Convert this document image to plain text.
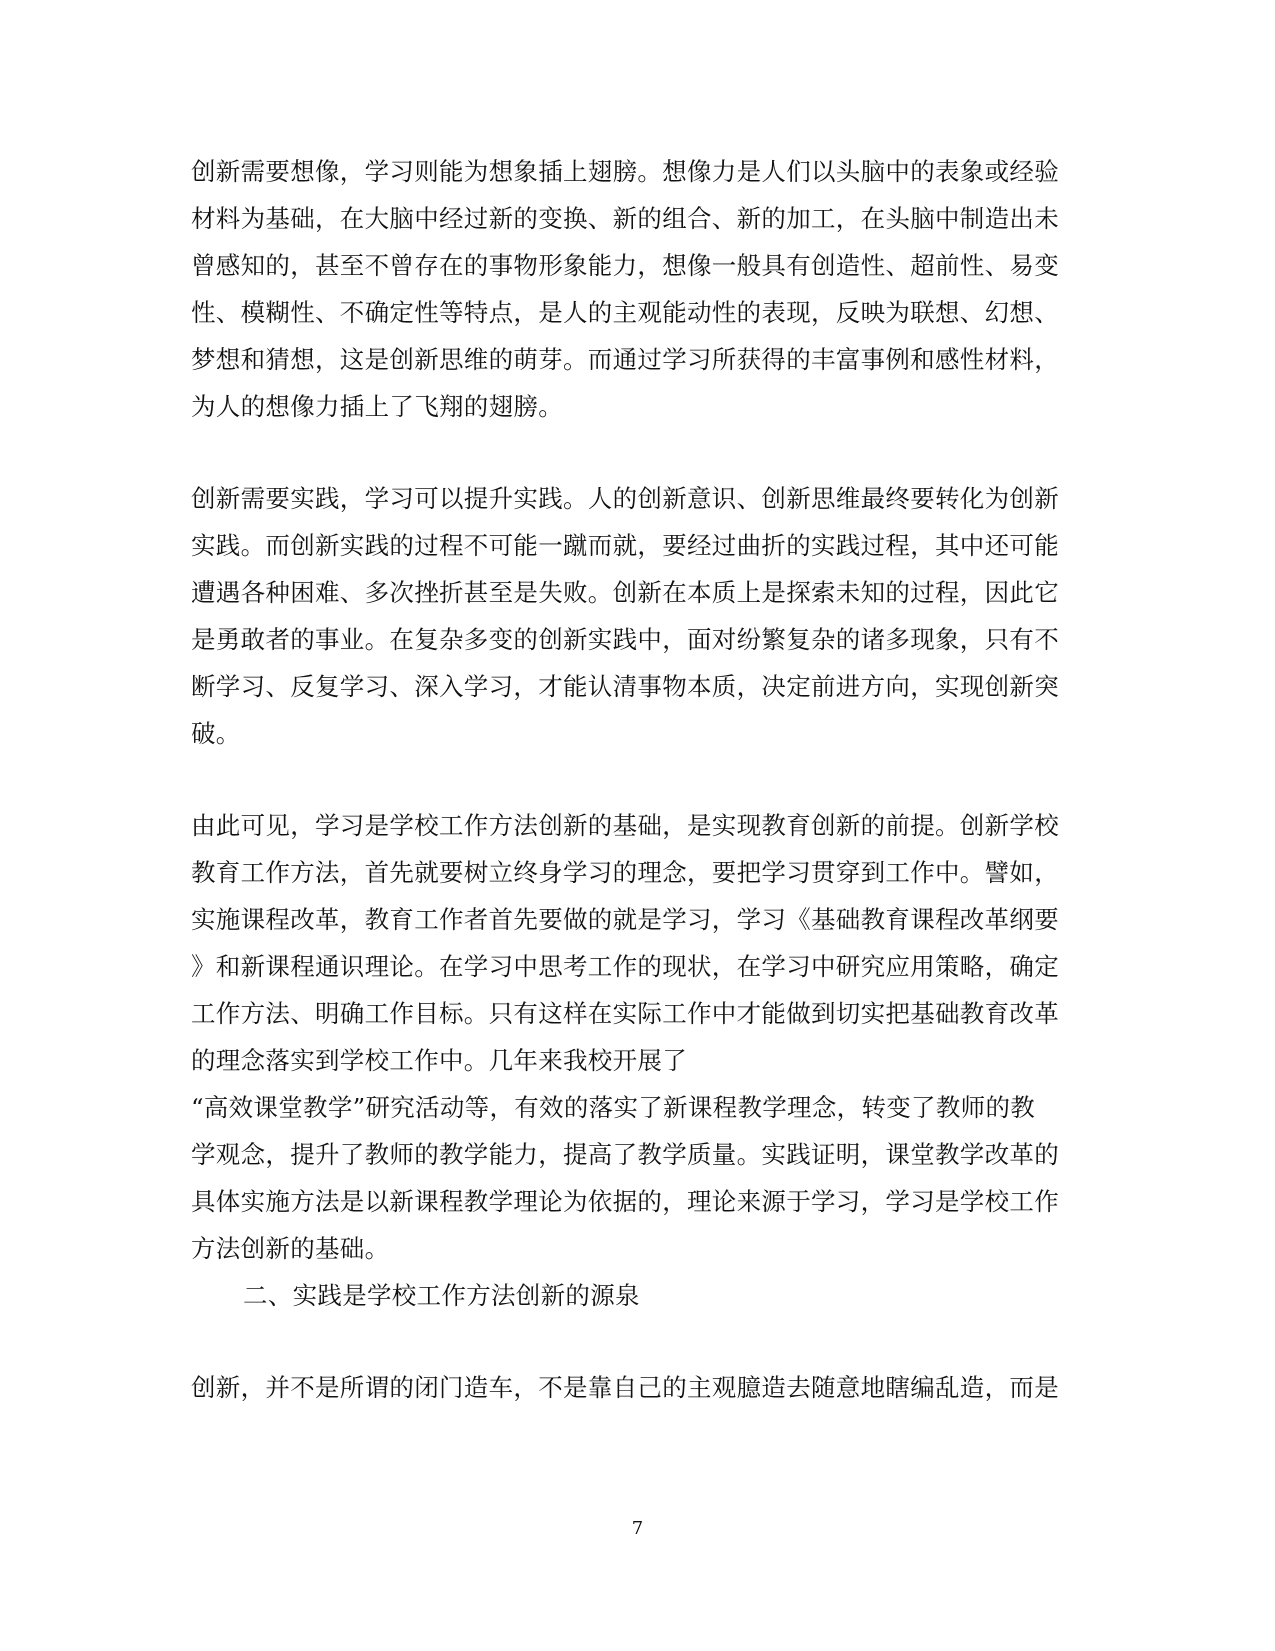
创新需要想像，学习则能为想象插上翅膀。想像力是人们以头脑中的表象或经验
材料为基础，在大脑中经过新的变换、新的组合、新的加工，在头脑中制造出未
曾感知的，甚至不曾存在的事物形象能力，想像一般具有创造性、超前性、易变
性、模糊性、不确定性等特点，是人的主观能动性的表现，反映为联想、幻想、
梦想和猜想，这是创新思维的萌芽。而通过学习所获得的丰富事例和感性材料，
为人的想像力插上了飞翔的翅膀。
创新需要实践，学习可以提升实践。人的创新意识、创新思维最终要转化为创新
实践。而创新实践的过程不可能一蹴而就，要经过曲折的实践过程，其中还可能
遭遇各种困难、多次挫折甚至是失败。创新在本质上是探索未知的过程，因此它
是勇敢者的事业。在复杂多变的创新实践中，面对纷繁复杂的诸多现象，只有不
断学习、反复学习、深入学习，才能认清事物本质，决定前进方向，实现创新突
破。
由此可见，学习是学校工作方法创新的基础，是实现教育创新的前提。创新学校
教育工作方法，首先就要树立终身学习的理念，要把学习贯穿到工作中。譬如，
实施课程改革，教育工作者首先要做的就是学习，学习《基础教育课程改革纲要
》和新课程通识理论。在学习中思考工作的现状，在学习中研究应用策略，确定
工作方法、明确工作目标。只有这样在实际工作中才能做到切实把基础教育改革
的理念落实到学校工作中。几年来我校开展了
“高效课堂教学”研究活动等，有效的落实了新课程教学理念，转变了教师的教
学观念，提升了教师的教学能力，提高了教学质量。实践证明，课堂教学改革的
具体实施方法是以新课程教学理论为依据的，理论来源于学习，学习是学校工作
方法创新的基础。
二、实践是学校工作方法创新的源泉
创新，并不是所谓的闭门造车，不是靠自己的主观臆造去随意地瞎编乱造，而是
7
